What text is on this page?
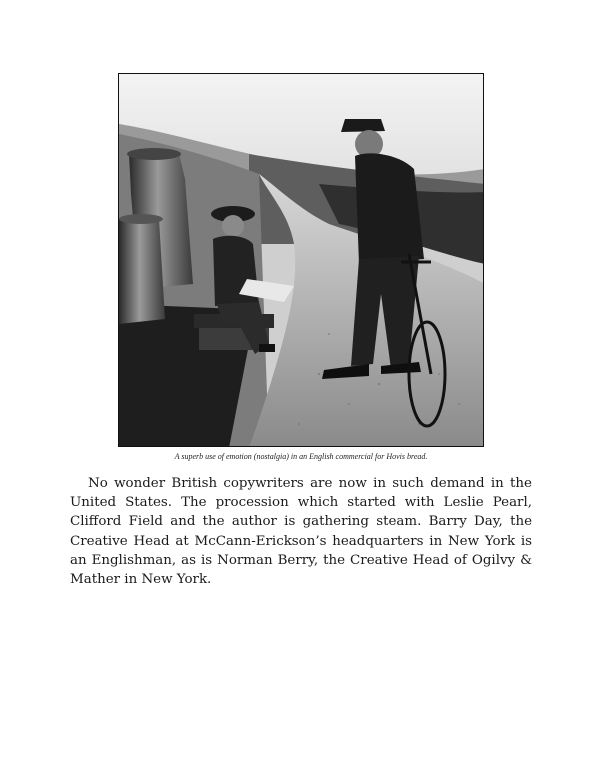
A superb use of emotion (nostalgia) in an English commercial for Hovis bread.

No wonder British copywriters are now in such demand in the United States. The procession which started with Leslie Pearl, Clifford Field and the author is gathering steam. Barry Day, the Creative Head at McCann-Erickson’s headquarters in New York is an Englishman, as is Norman Berry, the Creative Head of Ogilvy & Mather in New York.
